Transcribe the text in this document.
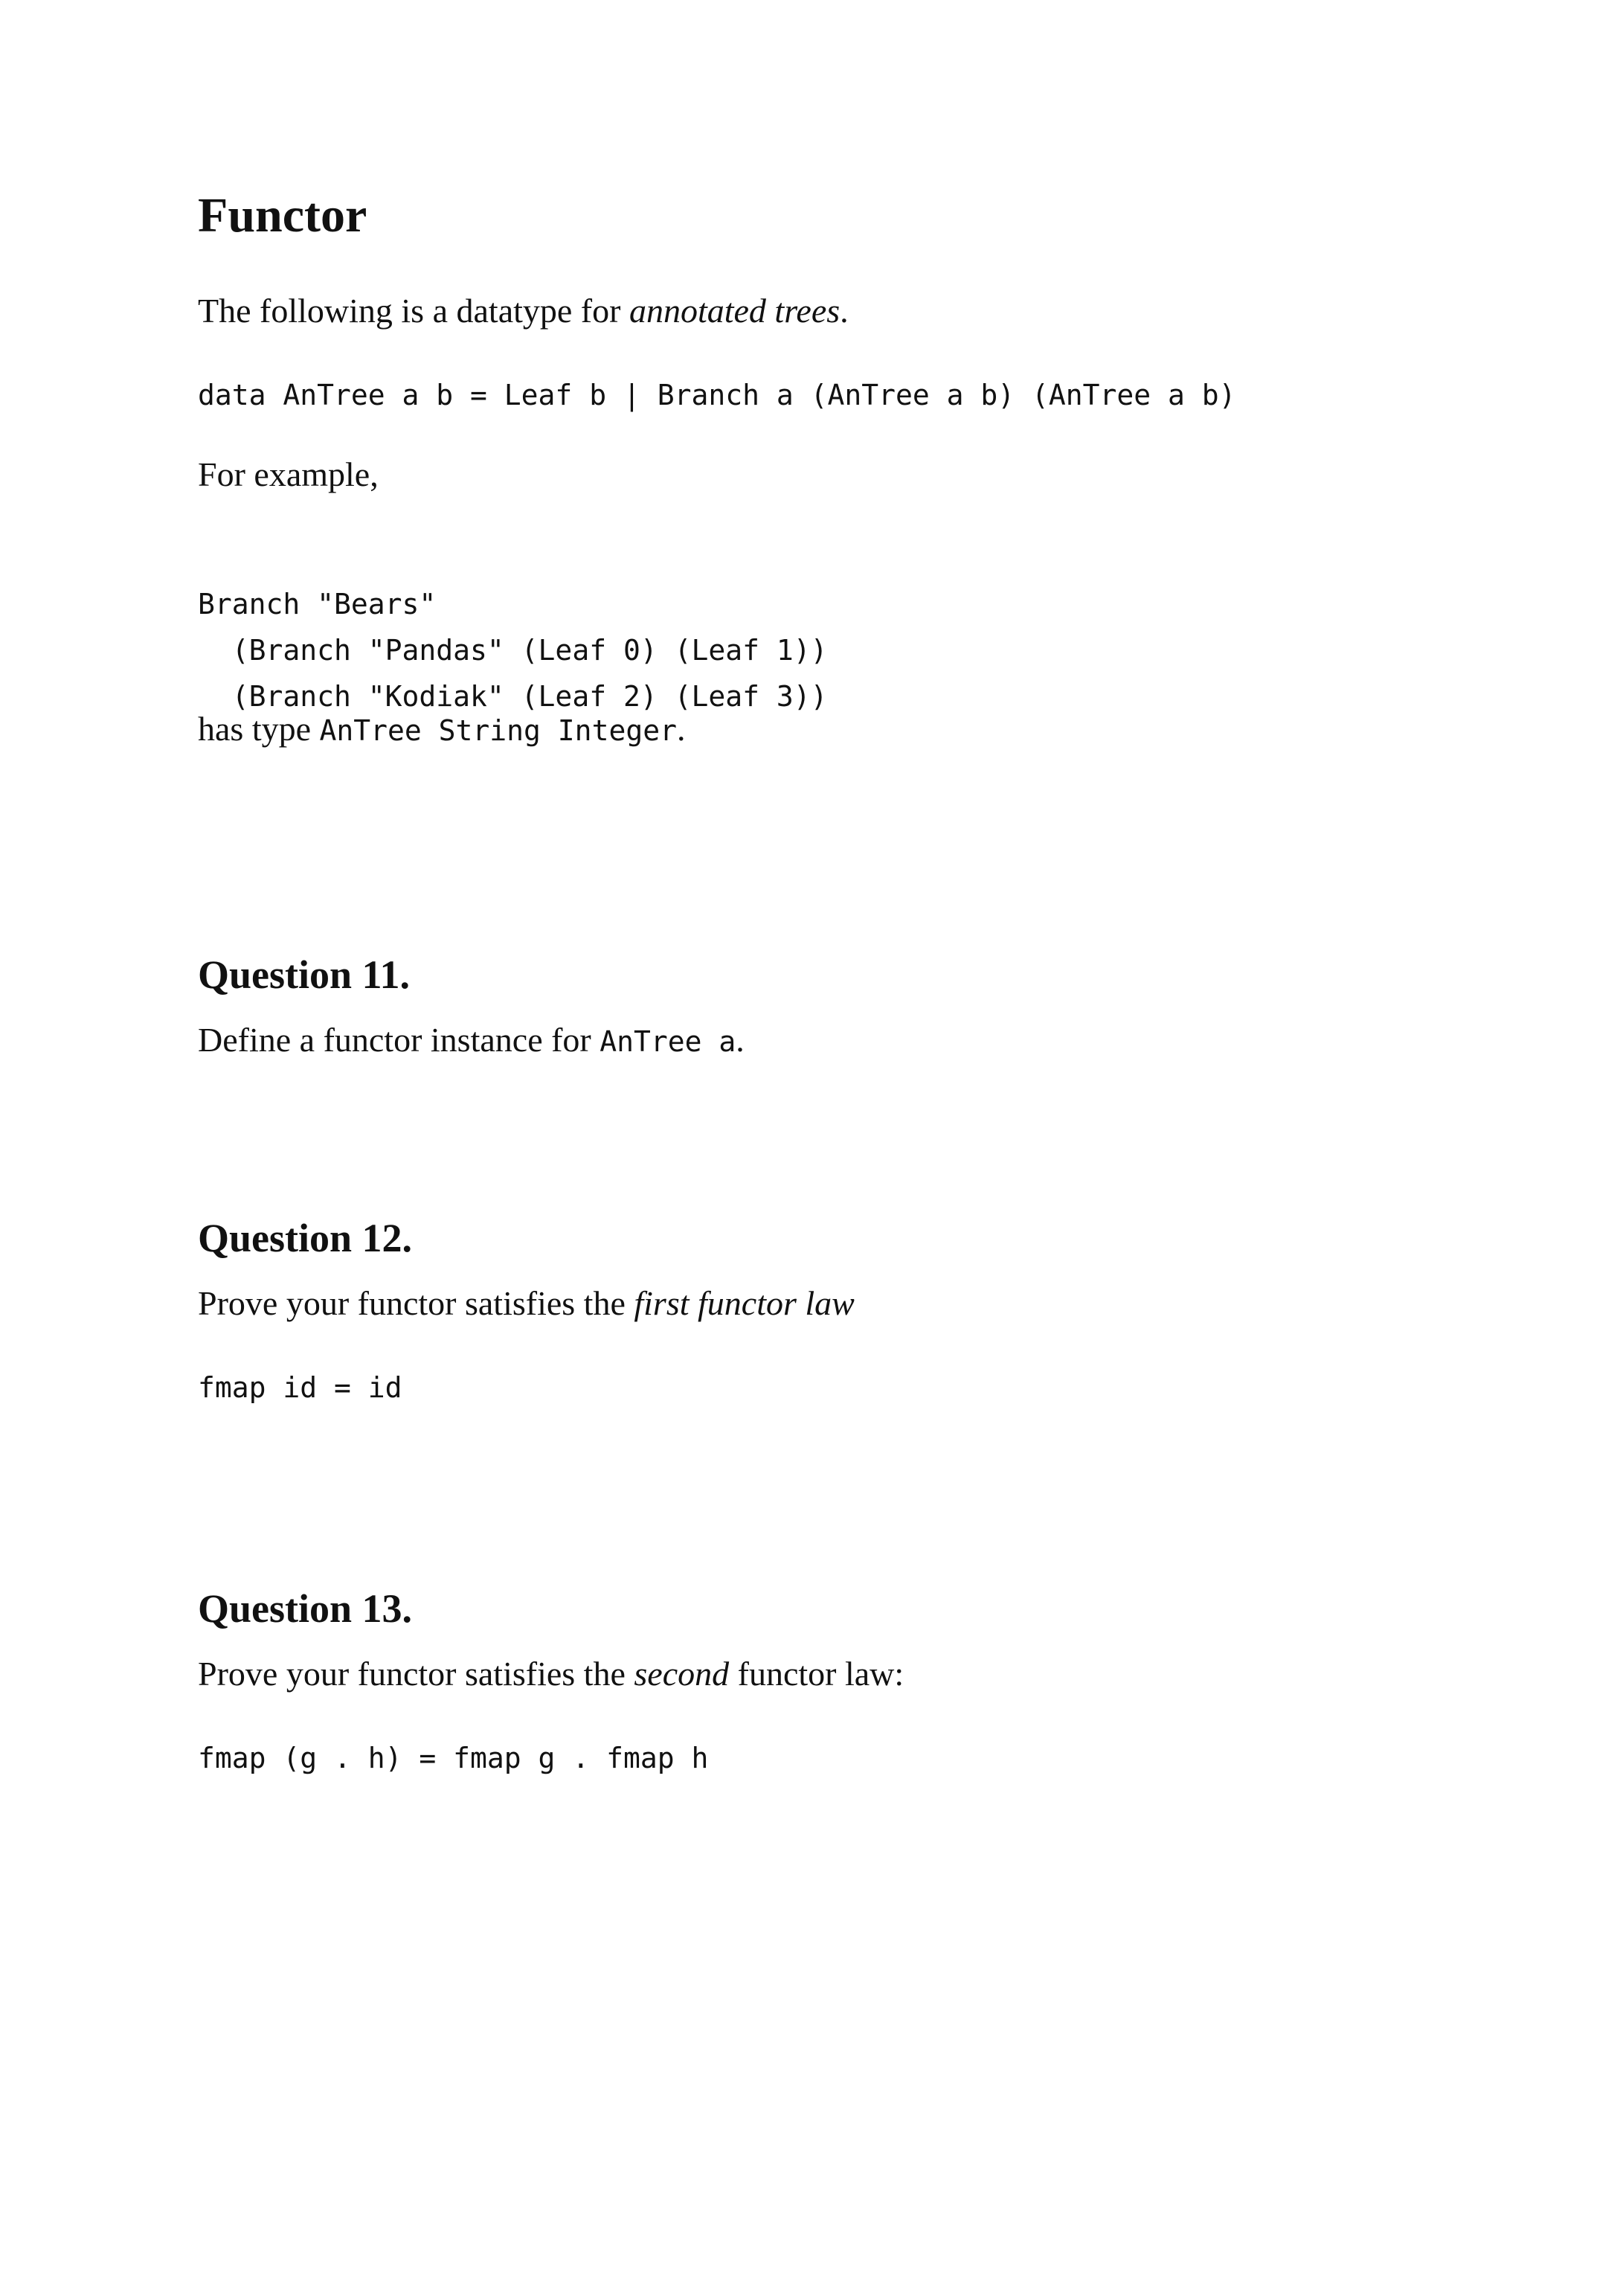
Functor

The following is a datatype for annotated trees.

data AnTree a b = Leaf b | Branch a (AnTree a b) (AnTree a b)

For example,

Branch "Bears"
(Branch "Pandas" (Leaf 0) (Leaf 1))
(Branch "Kodiak" (Leaf 2) (Leaf 3))

has type AnTree String Integer.

Question 11.

Define a functor instance for AnTree a.

Question 12.

Prove your functor satisfies the first functor law

fmap id = id
Question 13.

Prove your functor satisfies the second functor law:

fmap (g . h) = fmap g . fmap h
